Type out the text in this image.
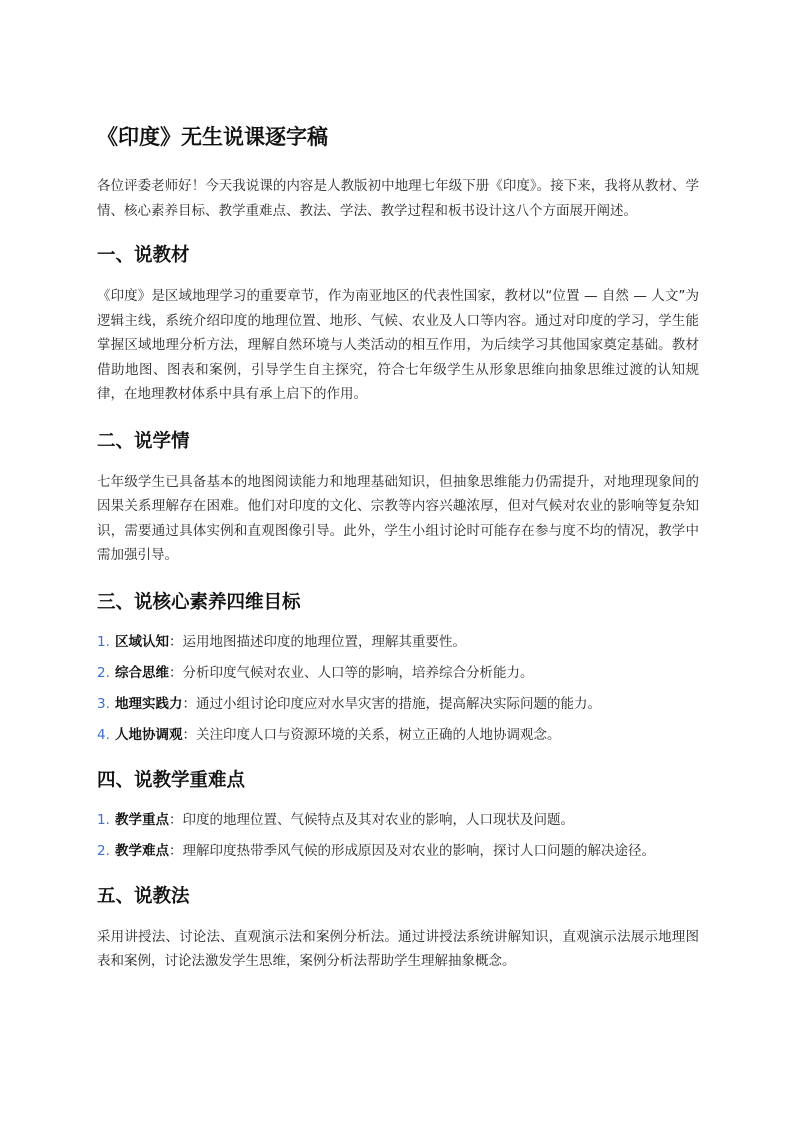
《印度》无生说课逐字稿

各位评委老师好！今天我说课的内容是人教版初中地理七年级下册《印度》。接下来，我将从教材、学情、核心素养目标、教学重难点、教法、学法、教学过程和板书设计这八个方面展开阐述。

一、说教材

《印度》是区域地理学习的重要章节，作为南亚地区的代表性国家，教材以“位置 — 自然 — 人文”为逻辑主线，系统介绍印度的地理位置、地形、气候、农业及人口等内容。通过对印度的学习，学生能掌握区域地理分析方法，理解自然环境与人类活动的相互作用，为后续学习其他国家奠定基础。教材借助地图、图表和案例，引导学生自主探究，符合七年级学生从形象思维向抽象思维过渡的认知规律，在地理教材体系中具有承上启下的作用。

二、说学情

七年级学生已具备基本的地图阅读能力和地理基础知识，但抽象思维能力仍需提升，对地理现象间的因果关系理解存在困难。他们对印度的文化、宗教等内容兴趣浓厚，但对气候对农业的影响等复杂知识，需要通过具体实例和直观图像引导。此外，学生小组讨论时可能存在参与度不均的情况，教学中需加强引导。

三、说核心素养四维目标
1. 区域认知：运用地图描述印度的地理位置，理解其重要性。
2. 综合思维：分析印度气候对农业、人口等的影响，培养综合分析能力。
3. 地理实践力：通过小组讨论印度应对水旱灾害的措施，提高解决实际问题的能力。
4. 人地协调观：关注印度人口与资源环境的关系，树立正确的人地协调观念。
四、说教学重难点
1. 教学重点：印度的地理位置、气候特点及其对农业的影响，人口现状及问题。
2. 教学难点：理解印度热带季风气候的形成原因及对农业的影响，探讨人口问题的解决途径。
五、说教法

采用讲授法、讨论法、直观演示法和案例分析法。通过讲授法系统讲解知识，直观演示法展示地理图表和案例，讨论法激发学生思维，案例分析法帮助学生理解抽象概念。
